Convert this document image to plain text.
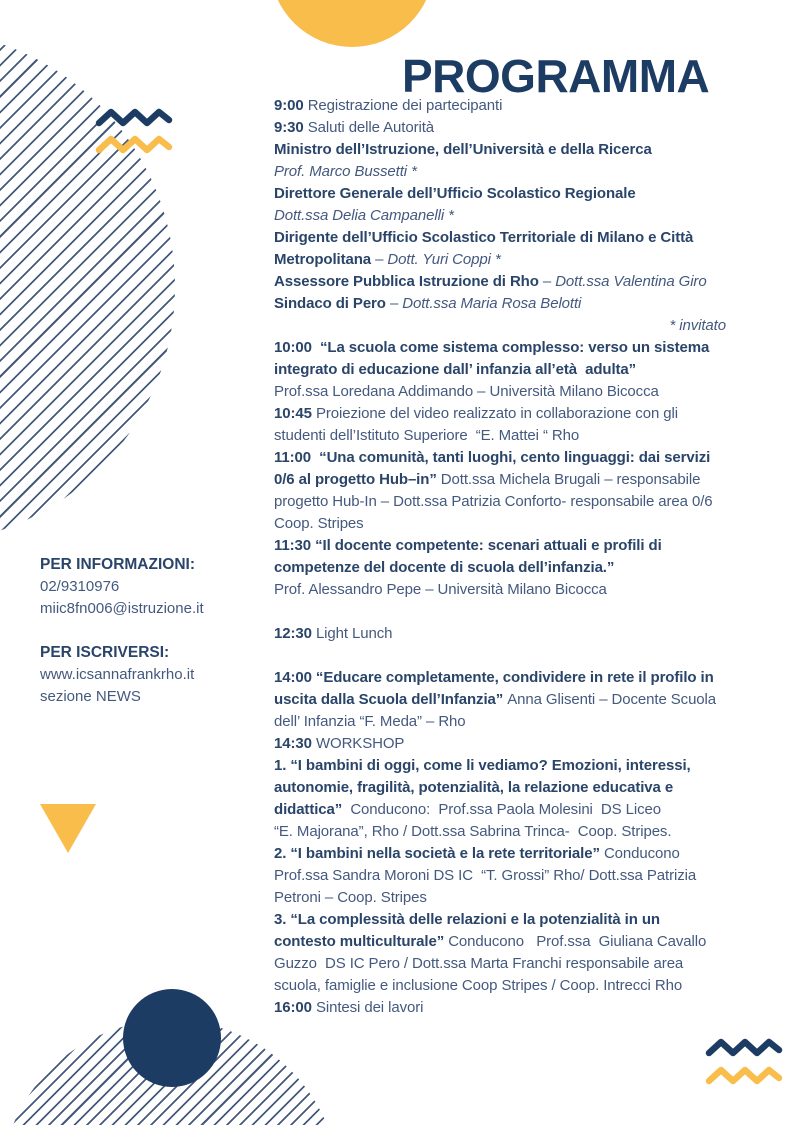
PROGRAMMA
9:00 Registrazione dei partecipanti
9:30 Saluti delle Autorità
Ministro dell’Istruzione, dell’Università e della Ricerca
Prof. Marco Bussetti *
Direttore Generale dell’Ufficio Scolastico Regionale
Dott.ssa Delia Campanelli *
Dirigente dell’Ufficio Scolastico Territoriale di Milano e Città
Metropolitana – Dott. Yuri Coppi *
Assessore Pubblica Istruzione di Rho – Dott.ssa Valentina Giro
Sindaco di Pero – Dott.ssa Maria Rosa Belotti
* invitato
10:00  “La scuola come sistema complesso: verso un sistema
integrato di educazione dall’ infanzia all’età  adulta”
Prof.ssa Loredana Addimando – Università Milano Bicocca
10:45 Proiezione del video realizzato in collaborazione con gli
studenti dell’Istituto Superiore  “E. Mattei “ Rho
11:00  “Una comunità, tanti luoghi, cento linguaggi: dai servizi
0/6 al progetto Hub–in” Dott.ssa Michela Brugali – responsabile
progetto Hub-In – Dott.ssa Patrizia Conforto- responsabile area 0/6
Coop. Stripes
11:30 “Il docente competente: scenari attuali e profili di
competenze del docente di scuola dell’infanzia.”
Prof. Alessandro Pepe – Università Milano Bicocca

12:30 Light Lunch

14:00 “Educare completamente, condividere in rete il profilo in
uscita dalla Scuola dell’Infanzia” Anna Glisenti – Docente Scuola
dell’ Infanzia “F. Meda” – Rho
14:30 WORKSHOP
1. “I bambini di oggi, come li vediamo? Emozioni, interessi,
autonomie, fragilità, potenzialità, la relazione educativa e
didattica”  Conducono:  Prof.ssa Paola Molesini  DS Liceo
“E. Majorana”, Rho / Dott.ssa Sabrina Trinca-  Coop. Stripes.
2. “I bambini nella società e la rete territoriale” Conducono
Prof.ssa Sandra Moroni DS IC  “T. Grossi” Rho/ Dott.ssa Patrizia
Petroni – Coop. Stripes
3. “La complessità delle relazioni e la potenzialità in un
contesto multiculturale” Conducono   Prof.ssa  Giuliana Cavallo
Guzzo  DS IC Pero / Dott.ssa Marta Franchi responsabile area
scuola, famiglie e inclusione Coop Stripes / Coop. Intrecci Rho
16:00 Sintesi dei lavori
PER INFORMAZIONI:
02/9310976
miic8fn006@istruzione.it

PER ISCRIVERSI:
www.icsannafrankrho.it
sezione NEWS
